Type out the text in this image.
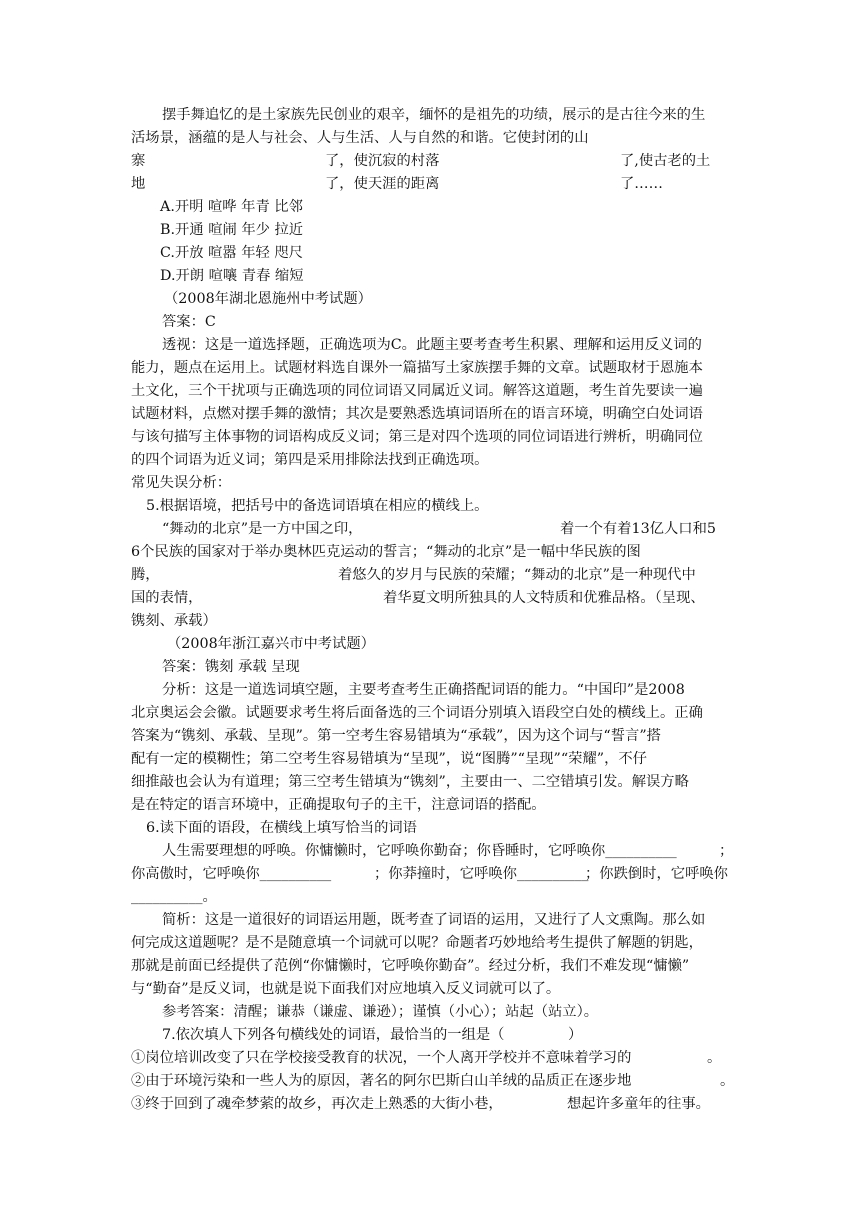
摆手舞追忆的是土家族先民创业的艰辛，缅怀的是祖先的功绩，展示的是古往今来的生
活场景，涵蕴的是人与社会、人与生活、人与自然的和谐。它使封闭的山
寨	了，使沉寂的村落	了,使古老的土
地	了，使天涯的距离	了……
A.开明 喧哗 年青 比邻
B.开通 喧闹 年少 拉近
C.开放 喧嚣 年轻 咫尺
D.开朗 喧嚷 青春 缩短
（2008年湖北恩施州中考试题）
答案：C
透视：这是一道选择题，正确选项为C。此题主要考查考生积累、理解和运用反义词的
能力，题点在运用上。试题材料选自课外一篇描写土家族摆手舞的文章。试题取材于恩施本
土文化，三个干扰项与正确选项的同位词语又同属近义词。解答这道题，考生首先要读一遍
试题材料，点燃对摆手舞的激情；其次是要熟悉选填词语所在的语言环境，明确空白处词语
与该句描写主体事物的词语构成反义词；第三是对四个选项的同位词语进行辨析，明确同位
的四个词语为近义词；第四是采用排除法找到正确选项。
常见失误分析：
5.根据语境，把括号中的备选词语填在相应的横线上。
“舞动的北京”是一方中国之印，	着一个有着13亿人口和5
6个民族的国家对于举办奥林匹克运动的誓言；“舞动的北京”是一幅中华民族的图
腾，	着悠久的岁月与民族的荣耀；“舞动的北京”是一种现代中
国的表情，	着华夏文明所独具的人文特质和优雅品格。（呈现、
镌刻、承载）
（2008年浙江嘉兴市中考试题）
答案：镌刻 承载 呈现
分析：这是一道选词填空题，主要考查考生正确搭配词语的能力。“中国印”是2008
北京奥运会会徽。试题要求考生将后面备选的三个词语分别填入语段空白处的横线上。正确
答案为“镌刻、承载、呈现”。第一空考生容易错填为“承载”，因为这个词与“誓言”搭
配有一定的模糊性；第二空考生容易错填为“呈现”，说“图腾”“呈现”“荣耀”，不仔
细推敲也会认为有道理；第三空考生错填为“镌刻”，主要由一、二空错填引发。解误方略
是在特定的语言环境中，正确提取句子的主干，注意词语的搭配。
6.读下面的语段，在横线上填写恰当的词语
人生需要理想的呼唤。你慵懒时，它呼唤你勤奋；你昏睡时，它呼唤你__________	；
你高傲时，它呼唤你__________	；你莽撞时，它呼唤你__________
；你跌倒时，它呼唤你
__________。
简析：这是一道很好的词语运用题，既考查了词语的运用，又进行了人文熏陶。那么如
何完成这道题呢？是不是随意填一个词就可以呢？命题者巧妙地给考生提供了解题的钥匙，
那就是前面已经提供了范例“你慵懒时，它呼唤你勤奋”。经过分析，我们不难发现“慵懒”
与“勤奋”是反义词，也就是说下面我们对应地填入反义词就可以了。
参考答案：清醒；谦恭（谦虚、谦逊）；谨慎（小心）；站起（站立）。
7.依次填人下列各句横线处的词语，最恰当的一组是（	）
①岗位培训改变了只在学校接受教育的状况，一个人离开学校并不意味着学习的	。
②由于环境污染和一些人为的原因，著名的阿尔巴斯白山羊绒的品质正在逐步地	。
③终于回到了魂牵梦萦的故乡，再次走上熟悉的大街小巷，	想起许多童年的往事。
